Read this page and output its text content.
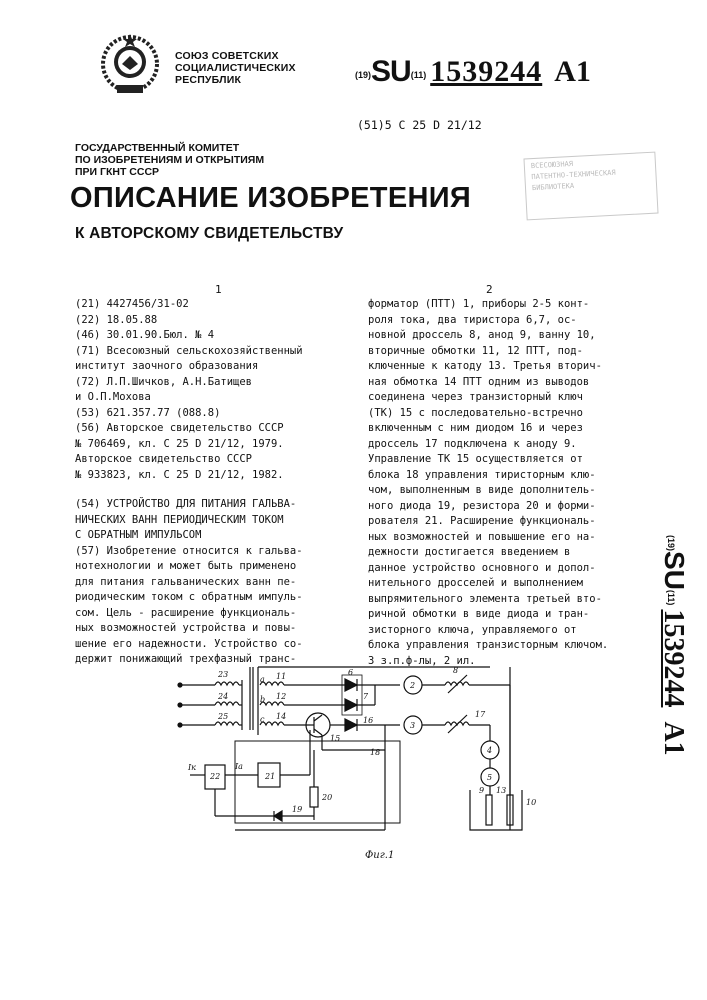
СОЮЗ СОВЕТСКИХ
СОЦИАЛИСТИЧЕСКИХ
РЕСПУБЛИК	(19)SU(11) 1539244 A1
(51)5 С 25 D 21/12
ГОСУДАРСТВЕННЫЙ КОМИТЕТ
ПО ИЗОБРЕТЕНИЯМ И ОТКРЫТИЯМ
ПРИ ГКНТ СССР
ВСЕСОЮЗНАЯ
ПАТЕНТНО-ТЕХНИЧЕСКАЯ
БИБЛИОТЕКА
ОПИСАНИЕ ИЗОБРЕТЕНИЯ
К АВТОРСКОМУ СВИДЕТЕЛЬСТВУ
1	2
(21) 4427456/31-02
(22) 18.05.88
(46) 30.01.90.Бюл. № 4
(71) Всесоюзный сельскохозяйственный
институт заочного образования
(72) Л.П.Шичков, А.Н.Батищев
и О.П.Мохова
(53) 621.357.77 (088.8)
(56) Авторское свидетельство СССР
№ 706469, кл. С 25 D 21/12, 1979.
Авторское свидетельство СССР
№ 933823, кл. С 25 D 21/12, 1982.
(54) УСТРОЙСТВО ДЛЯ ПИТАНИЯ ГАЛЬВА-
НИЧЕСКИХ ВАНН ПЕРИОДИЧЕСКИМ ТОКОМ
С ОБРАТНЫМ ИМПУЛЬСОМ
(57) Изобретение относится к гальва-
нотехнологии и может быть применено
для питания гальванических ванн пе-
риодическим током с обратным импуль-
сом. Цель - расширение функциональ-
ных возможностей устройства и повы-
шение его надежности. Устройство со-
держит понижающий трехфазный транс-
форматор (ПТТ) 1, приборы 2-5 конт-
роля тока, два тиристора 6,7, ос-
новной дроссель 8, анод 9, ванну 10,
вторичные обмотки 11, 12 ПТТ, под-
ключенные к катоду 13. Третья вторич-
ная обмотка 14 ПТТ одним из выводов
соединена через транзисторный ключ
(ТК) 15 с последовательно-встречно
включенным с ним диодом 16 и через
дроссель 17 подключена к аноду 9.
Управление ТК 15 осуществляется от
блока 18 управления тиристорным клю-
чом, выполненным в виде дополнитель-
ного диода 19, резистора 20 и форми-
рователя 21. Расширение функциональ-
ных возможностей и повышение его на-
дежности достигается введением в
данное устройство основного и допол-
нительного дросселей и выполнением
выпрямительного элемента третьей вто-
ричной обмотки в виде диода и тран-
зисторного ключа, управляемого от
блока управления транзисторным ключом.
3 з.п.ф-лы, 2 ил.
(19)SU(11)1539244A1
23
24
25
a
b
c
11
12
14
6
7
16
15
2
3
4
5
8
17
18
21
22
19
20
9 13
10
Iк	Iа
Фиг.1
